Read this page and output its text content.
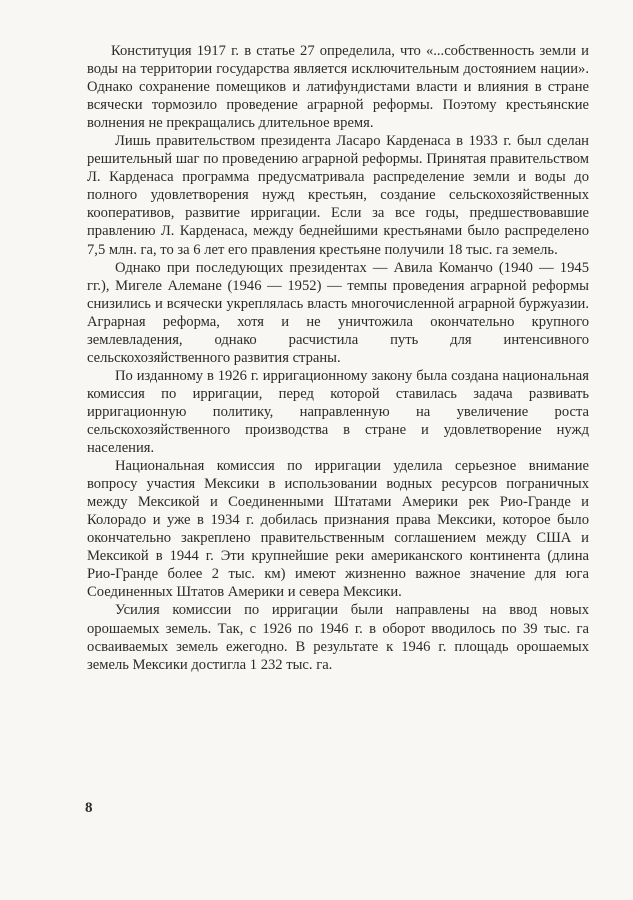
Конституция 1917 г. в статье 27 определила, что «...собственность земли и воды на территории государства является исключительным достоянием нации». Однако сохранение помещиков и латифундистами власти и влияния в стране всячески тормозило проведение аграрной реформы. Поэтому крестьянские волнения не прекращались длительное время.

Лишь правительством президента Ласаро Карденаса в 1933 г. был сделан решительный шаг по проведению аграрной реформы. Принятая правительством Л. Карденаса программа предусматривала распределение земли и воды до полного удовлетворения нужд крестьян, создание сельскохозяйственных кооперативов, развитие ирригации. Если за все годы, предшествовавшие правлению Л. Карденаса, между беднейшими крестьянами было распределено 7,5 млн. га, то за 6 лет его правления крестьяне получили 18 тыс. га земель.

Однако при последующих президентах — Авила Команчо (1940 — 1945 гг.), Мигеле Алемане (1946 — 1952) — темпы проведения аграрной реформы снизились и всячески укреплялась власть многочисленной аграрной буржуазии. Аграрная реформа, хотя и не уничтожила окончательно крупного землевладения, однако расчистила путь для интенсивного сельскохозяйственного развития страны.

По изданному в 1926 г. ирригационному закону была создана национальная комиссия по ирригации, перед которой ставилась задача развивать ирригационную политику, направленную на увеличение роста сельскохозяйственного производства в стране и удовлетворение нужд населения.

Национальная комиссия по ирригации уделила серьезное внимание вопросу участия Мексики в использовании водных ресурсов пограничных между Мексикой и Соединенными Штатами Америки рек Рио-Гранде и Колорадо и уже в 1934 г. добилась признания права Мексики, которое было окончательно закреплено правительственным соглашением между США и Мексикой в 1944 г. Эти крупнейшие реки американского континента (длина Рио-Гранде более 2 тыс. км) имеют жизненно важное значение для юга Соединенных Штатов Америки и севера Мексики.

Усилия комиссии по ирригации были направлены на ввод новых орошаемых земель. Так, с 1926 по 1946 г. в оборот вводилось по 39 тыс. га осваиваемых земель ежегодно. В результате к 1946 г. площадь орошаемых земель Мексики достигла 1 232 тыс. га.

8
